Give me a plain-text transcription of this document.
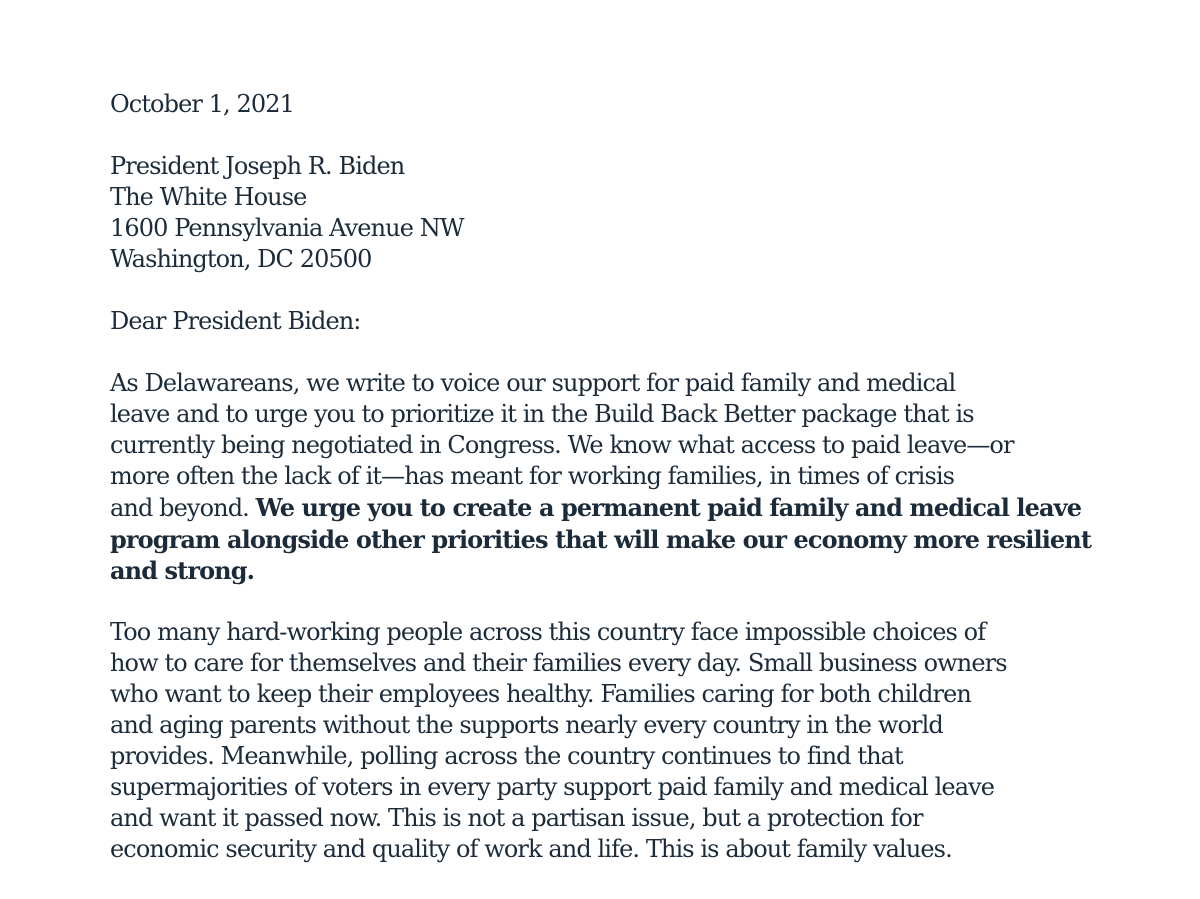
October 1, 2021
President Joseph R. Biden
The White House
1600 Pennsylvania Avenue NW
Washington, DC 20500
Dear President Biden:
As Delawareans, we write to voice our support for paid family and medical
leave and to urge you to prioritize it in the Build Back Better package that is
currently being negotiated in Congress. We know what access to paid leave—or
more often the lack of it—has meant for working families, in times of crisis
and beyond. We urge you to create a permanent paid family and medical leave
program alongside other priorities that will make our economy more resilient
and strong.
Too many hard-working people across this country face impossible choices of
how to care for themselves and their families every day. Small business owners
who want to keep their employees healthy. Families caring for both children
and aging parents without the supports nearly every country in the world
provides. Meanwhile, polling across the country continues to find that
supermajorities of voters in every party support paid family and medical leave
and want it passed now. This is not a partisan issue, but a protection for
economic security and quality of work and life. This is about family values.
